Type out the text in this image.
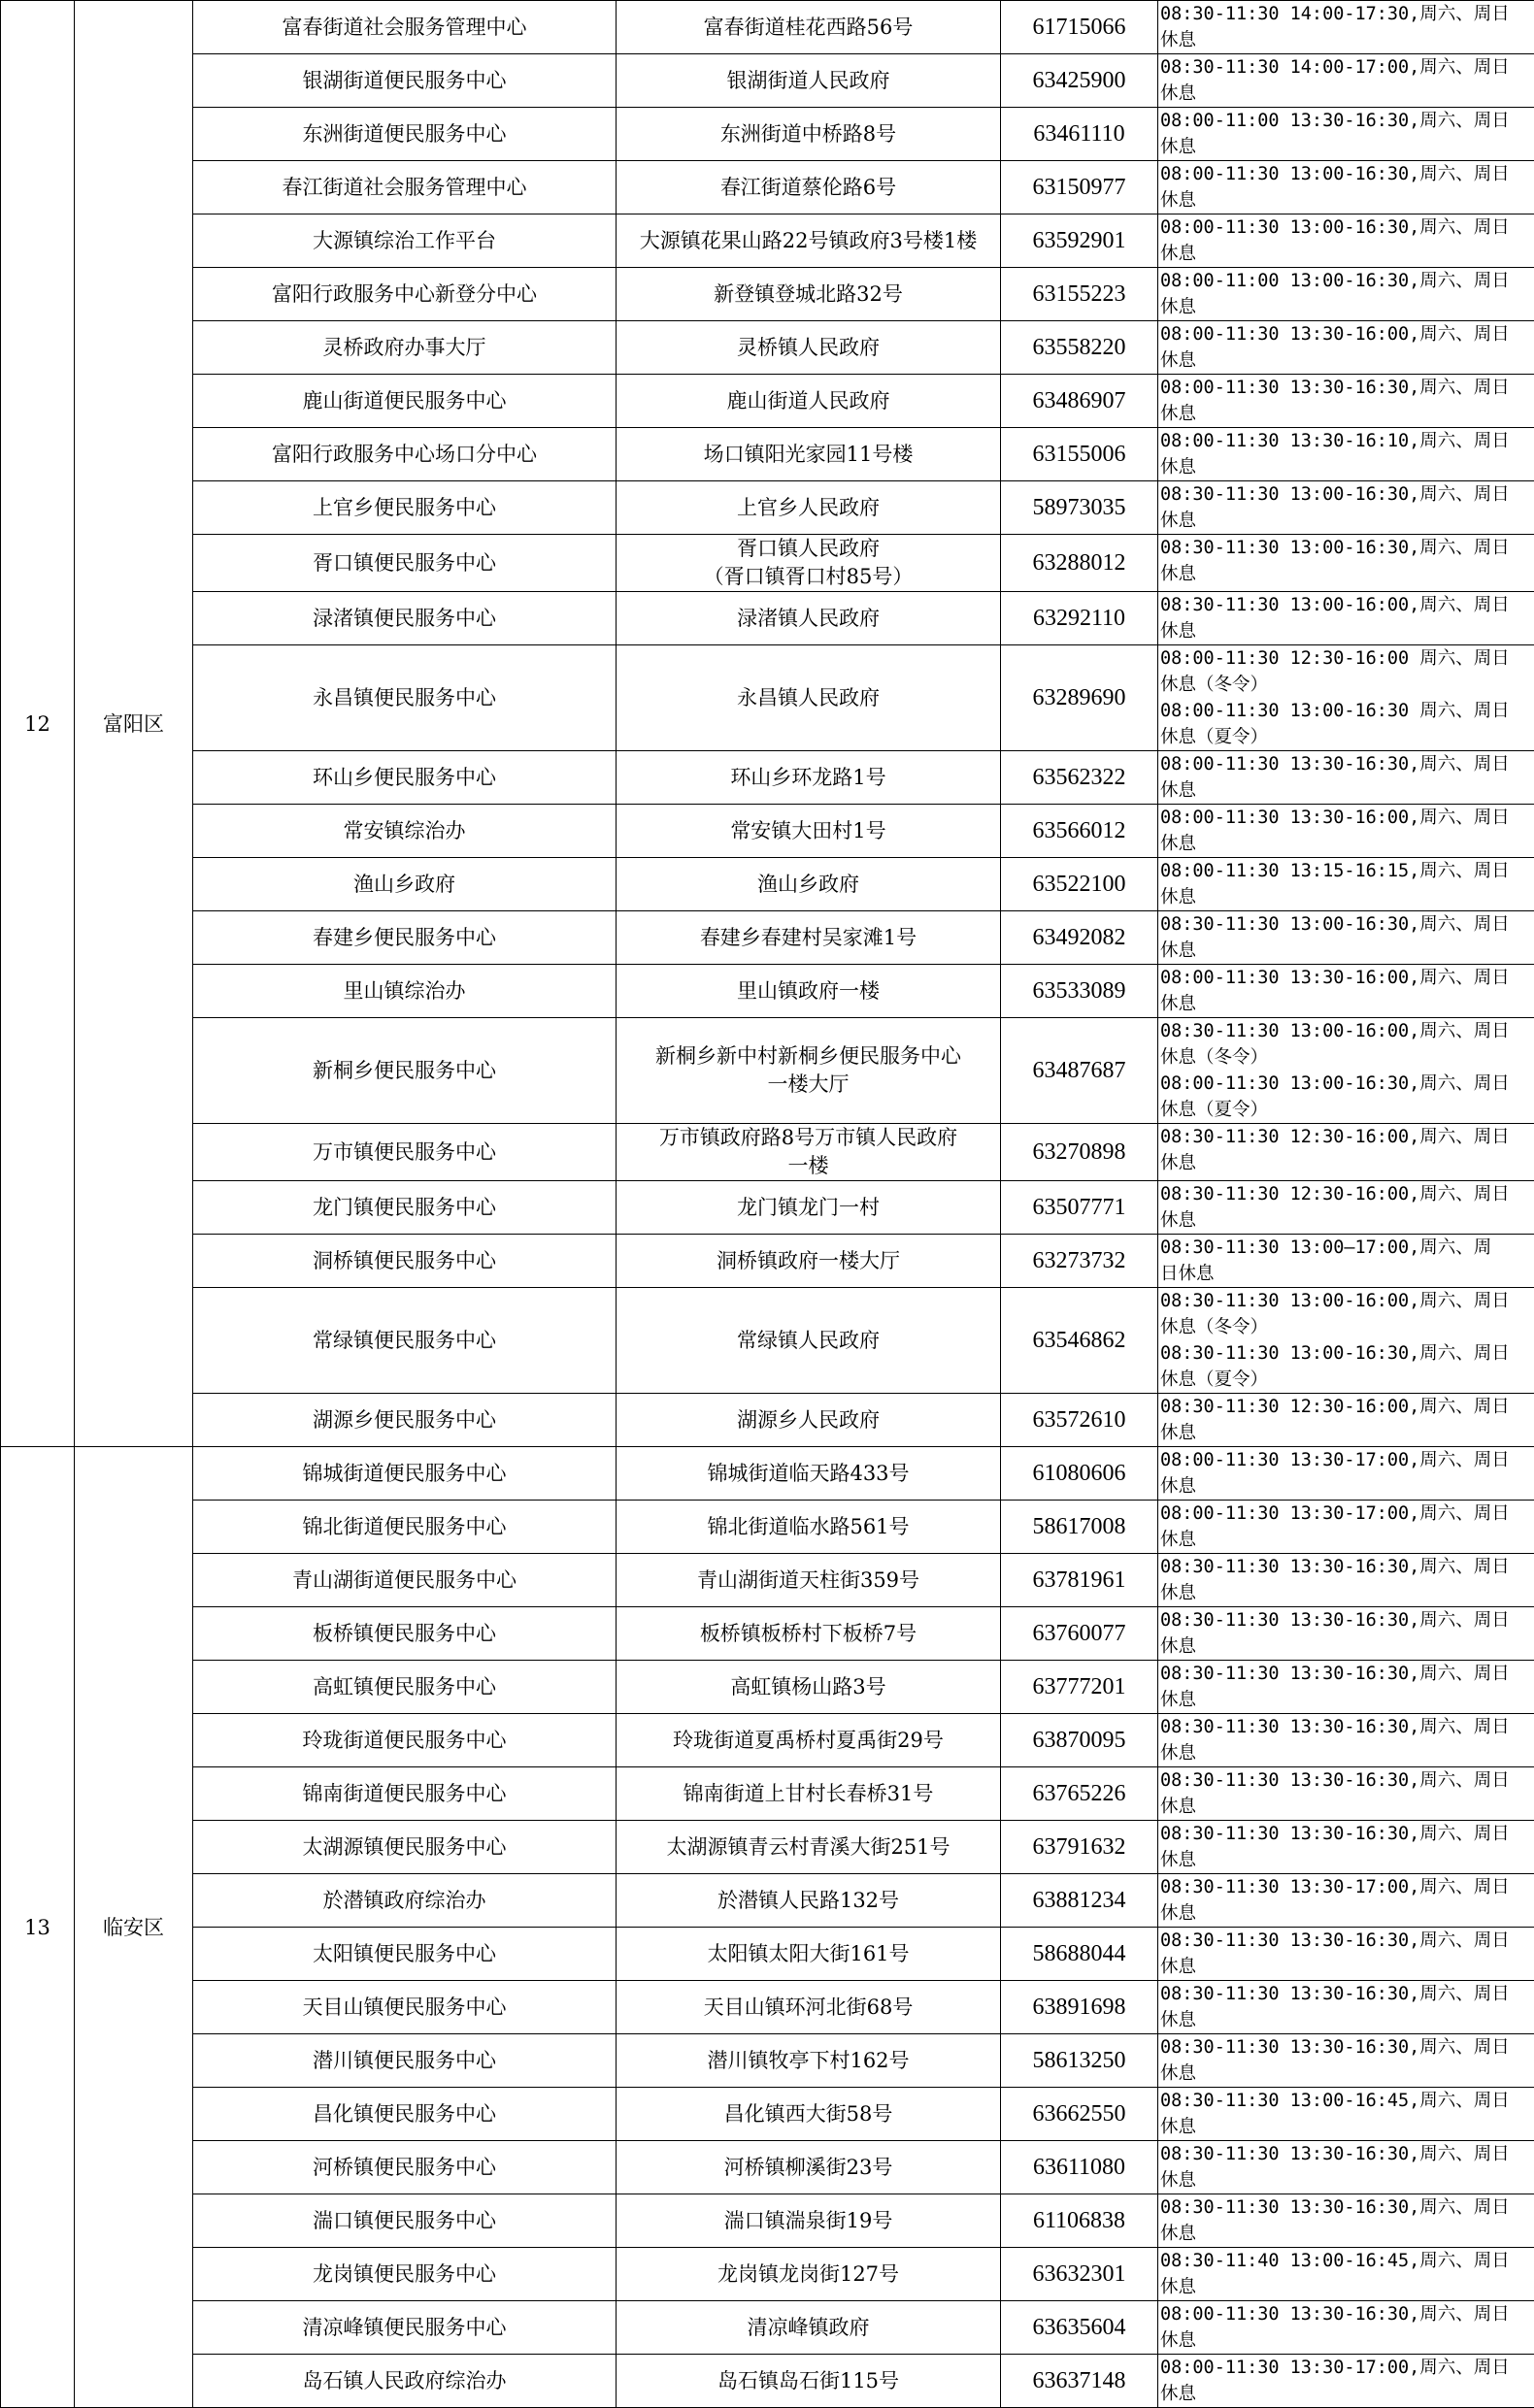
12	富阳区	富春街道社会服务管理中心	富春街道桂花西路56号	61715066	08:30-11:30 14:00-17:30,周六、周日
休息
		银湖街道便民服务中心	银湖街道人民政府	63425900	08:30-11:30 14:00-17:00,周六、周日
休息
		东洲街道便民服务中心	东洲街道中桥路8号	63461110	08:00-11:00 13:30-16:30,周六、周日
休息
		春江街道社会服务管理中心	春江街道蔡伦路6号	63150977	08:00-11:30 13:00-16:30,周六、周日
休息
		大源镇综治工作平台	大源镇花果山路22号镇政府3号楼1楼	63592901	08:00-11:30 13:00-16:30,周六、周日
休息
		富阳行政服务中心新登分中心	新登镇登城北路32号	63155223	08:00-11:00 13:00-16:30,周六、周日
休息
		灵桥政府办事大厅	灵桥镇人民政府	63558220	08:00-11:30 13:30-16:00,周六、周日
休息
		鹿山街道便民服务中心	鹿山街道人民政府	63486907	08:00-11:30 13:30-16:30,周六、周日
休息
		富阳行政服务中心场口分中心	场口镇阳光家园11号楼	63155006	08:00-11:30 13:30-16:10,周六、周日
休息
		上官乡便民服务中心	上官乡人民政府	58973035	08:30-11:30 13:00-16:30,周六、周日
休息
		胥口镇便民服务中心	胥口镇人民政府
（胥口镇胥口村85号）	63288012	08:30-11:30 13:00-16:30,周六、周日
休息
		渌渚镇便民服务中心	渌渚镇人民政府	63292110	08:30-11:30 13:00-16:00,周六、周日
休息
		永昌镇便民服务中心	永昌镇人民政府	63289690	08:00-11:30 12:30-16:00 周六、周日
休息（冬令）
08:00-11:30 13:00-16:30 周六、周日
休息（夏令）
		环山乡便民服务中心	环山乡环龙路1号	63562322	08:00-11:30 13:30-16:30,周六、周日
休息
		常安镇综治办	常安镇大田村1号	63566012	08:00-11:30 13:30-16:00,周六、周日
休息
		渔山乡政府	渔山乡政府	63522100	08:00-11:30 13:15-16:15,周六、周日
休息
		春建乡便民服务中心	春建乡春建村吴家滩1号	63492082	08:30-11:30 13:00-16:30,周六、周日
休息
		里山镇综治办	里山镇政府一楼	63533089	08:00-11:30 13:30-16:00,周六、周日
休息
		新桐乡便民服务中心	新桐乡新中村新桐乡便民服务中心
一楼大厅	63487687	08:30-11:30 13:00-16:00,周六、周日
休息（冬令）
08:00-11:30 13:00-16:30,周六、周日
休息（夏令）
		万市镇便民服务中心	万市镇政府路8号万市镇人民政府
一楼	63270898	08:30-11:30 12:30-16:00,周六、周日
休息
		龙门镇便民服务中心	龙门镇龙门一村	63507771	08:30-11:30 12:30-16:00,周六、周日
休息
		洞桥镇便民服务中心	洞桥镇政府一楼大厅	63273732	08:30-11:30 13:00—17:00,周六、周
日休息
		常绿镇便民服务中心	常绿镇人民政府	63546862	08:30-11:30 13:00-16:00,周六、周日
休息（冬令）
08:30-11:30 13:00-16:30,周六、周日
休息（夏令）
		湖源乡便民服务中心	湖源乡人民政府	63572610	08:30-11:30 12:30-16:00,周六、周日
休息
13	临安区	锦城街道便民服务中心	锦城街道临天路433号	61080606	08:00-11:30 13:30-17:00,周六、周日
休息
		锦北街道便民服务中心	锦北街道临水路561号	58617008	08:00-11:30 13:30-17:00,周六、周日
休息
		青山湖街道便民服务中心	青山湖街道天柱街359号	63781961	08:30-11:30 13:30-16:30,周六、周日
休息
		板桥镇便民服务中心	板桥镇板桥村下板桥7号	63760077	08:30-11:30 13:30-16:30,周六、周日
休息
		高虹镇便民服务中心	高虹镇杨山路3号	63777201	08:30-11:30 13:30-16:30,周六、周日
休息
		玲珑街道便民服务中心	玲珑街道夏禹桥村夏禹街29号	63870095	08:30-11:30 13:30-16:30,周六、周日
休息
		锦南街道便民服务中心	锦南街道上甘村长春桥31号	63765226	08:30-11:30 13:30-16:30,周六、周日
休息
		太湖源镇便民服务中心	太湖源镇青云村青溪大街251号	63791632	08:30-11:30 13:30-16:30,周六、周日
休息
		於潜镇政府综治办	於潜镇人民路132号	63881234	08:30-11:30 13:30-17:00,周六、周日
休息
		太阳镇便民服务中心	太阳镇太阳大街161号	58688044	08:30-11:30 13:30-16:30,周六、周日
休息
		天目山镇便民服务中心	天目山镇环河北街68号	63891698	08:30-11:30 13:30-16:30,周六、周日
休息
		潜川镇便民服务中心	潜川镇牧亭下村162号	58613250	08:30-11:30 13:30-16:30,周六、周日
休息
		昌化镇便民服务中心	昌化镇西大街58号	63662550	08:30-11:30 13:00-16:45,周六、周日
休息
		河桥镇便民服务中心	河桥镇柳溪街23号	63611080	08:30-11:30 13:30-16:30,周六、周日
休息
		湍口镇便民服务中心	湍口镇湍泉街19号	61106838	08:30-11:30 13:30-16:30,周六、周日
休息
		龙岗镇便民服务中心	龙岗镇龙岗街127号	63632301	08:30-11:40 13:00-16:45,周六、周日
休息
		清凉峰镇便民服务中心	清凉峰镇政府	63635604	08:00-11:30 13:30-16:30,周六、周日
休息
		岛石镇人民政府综治办	岛石镇岛石街115号	63637148	08:00-11:30 13:30-17:00,周六、周日
休息
